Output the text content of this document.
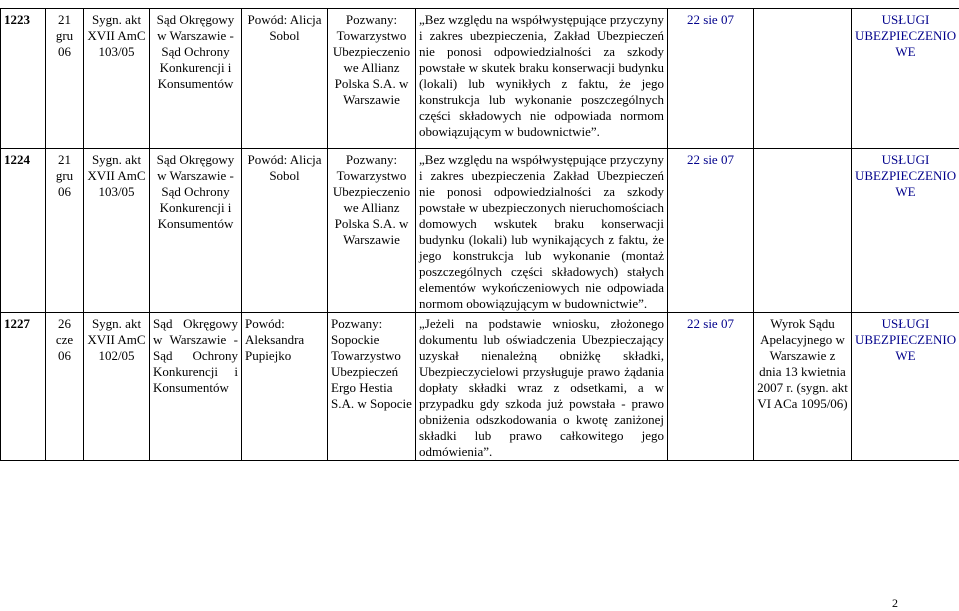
1223	21 gru 06	Sygn. akt XVII AmC 103/05	Sąd Okręgowy w Warszawie - Sąd Ochrony Konkurencji i Konsumentów	Powód: Alicja Sobol	Pozwany: Towarzystwo Ubezpieczenio we Allianz Polska S.A. w Warszawie	„Bez względu na współwystępujące przyczyny i zakres ubezpieczenia, Zakład Ubezpieczeń nie ponosi odpowiedzialności za szkody powstałe w skutek braku konserwacji budynku (lokali) lub wynikłych z faktu, że jego konstrukcja lub wykonanie poszczególnych części składowych nie odpowiada normom obowiązującym w budownictwie”.	22 sie 07		USŁUGI UBEZPIECZENIO WE
1224	21 gru 06	Sygn. akt XVII AmC 103/05	Sąd Okręgowy w Warszawie - Sąd Ochrony Konkurencji i Konsumentów	Powód: Alicja Sobol	Pozwany: Towarzystwo Ubezpieczenio we Allianz Polska S.A. w Warszawie	„Bez względu na współwystępujące przyczyny i zakres ubezpieczenia Zakład Ubezpieczeń nie ponosi odpowiedzialności za szkody powstałe w ubezpieczonych nieruchomościach domowych wskutek braku konserwacji budynku (lokali) lub wynikających z faktu, że jego konstrukcja lub wykonanie (montaż poszczególnych części składowych) stałych elementów wykończeniowych nie odpowiada normom obowiązującym w budownictwie”.	22 sie 07		USŁUGI UBEZPIECZENIO WE
1227	26 cze 06	Sygn. akt XVII AmC 102/05	Sąd Okręgowy w Warszawie - Sąd Ochrony Konkurencji i Konsumentów	Powód: Aleksandra Pupiejko	Pozwany: Sopockie Towarzystwo Ubezpieczeń Ergo Hestia S.A. w Sopocie	„Jeżeli na podstawie wniosku, złożonego dokumentu lub oświadczenia Ubezpieczający uzyskał nienależną obniżkę składki, Ubezpieczycielowi przysługuje prawo żądania dopłaty składki wraz z odsetkami, a w przypadku gdy szkoda już powstała - prawo obniżenia odszkodowania o kwotę zaniżonej składki lub prawo całkowitego jego odmówienia”.	22 sie 07	Wyrok Sądu Apelacyjnego w Warszawie z dnia 13 kwietnia 2007 r. (sygn. akt VI ACa 1095/06)	USŁUGI UBEZPIECZENIO WE
2
